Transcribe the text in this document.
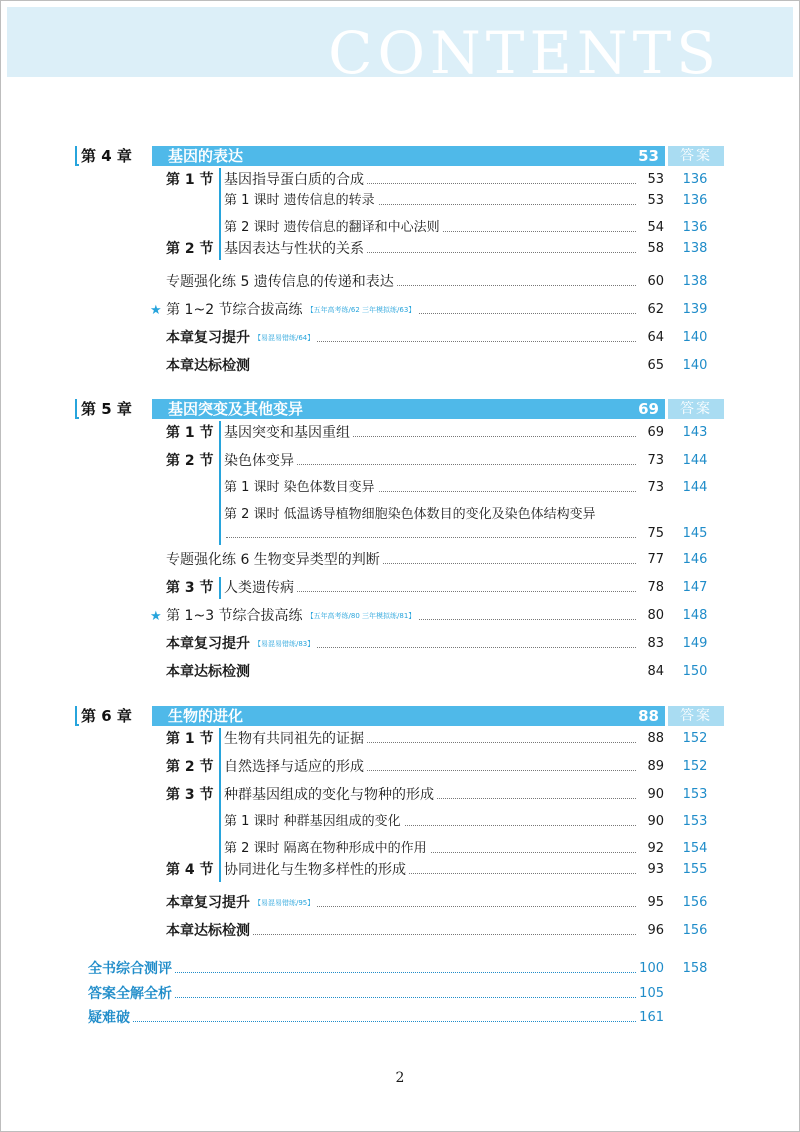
CONTENTS
第 4 章 基因的表达	53	答案
第 1 节 基因指导蛋白质的合成	53	136
第 1 课时 遗传信息的转录	53	136
第 2 课时 遗传信息的翻译和中心法则	54	136
第 2 节 基因表达与性状的关系	58	138
专题强化练 5 遗传信息的传递和表达	60	138
★ 第 1~2 节综合拔高练 【五年高考练/62 三年模拟练/63】	62	139
本章复习提升 【易混易错练/64】	64	140
本章达标检测	65	140
第 5 章 基因突变及其他变异	69	答案
第 1 节 基因突变和基因重组	69	143
第 2 节 染色体变异	73	144
第 1 课时 染色体数目变异	73	144
第 2 课时 低温诱导植物细胞染色体数目的变化及染色体结构变异
75	145
专题强化练 6 生物变异类型的判断	77	146
第 3 节 人类遗传病	78	147
★ 第 1~3 节综合拔高练 【五年高考练/80 三年模拟练/81】	80	148
本章复习提升 【易混易错练/83】	83	149
本章达标检测	84	150
第 6 章 生物的进化	88	答案
第 1 节 生物有共同祖先的证据	88	152
第 2 节 自然选择与适应的形成	89	152
第 3 节 种群基因组成的变化与物种的形成	90	153
第 1 课时 种群基因组成的变化	90	153
第 2 课时 隔离在物种形成中的作用	92	154
第 4 节 协同进化与生物多样性的形成	93	155
本章复习提升 【易混易错练/95】	95	156
本章达标检测	96	156
全书综合测评	100	158
答案全解全析	105
疑难破	161
2
